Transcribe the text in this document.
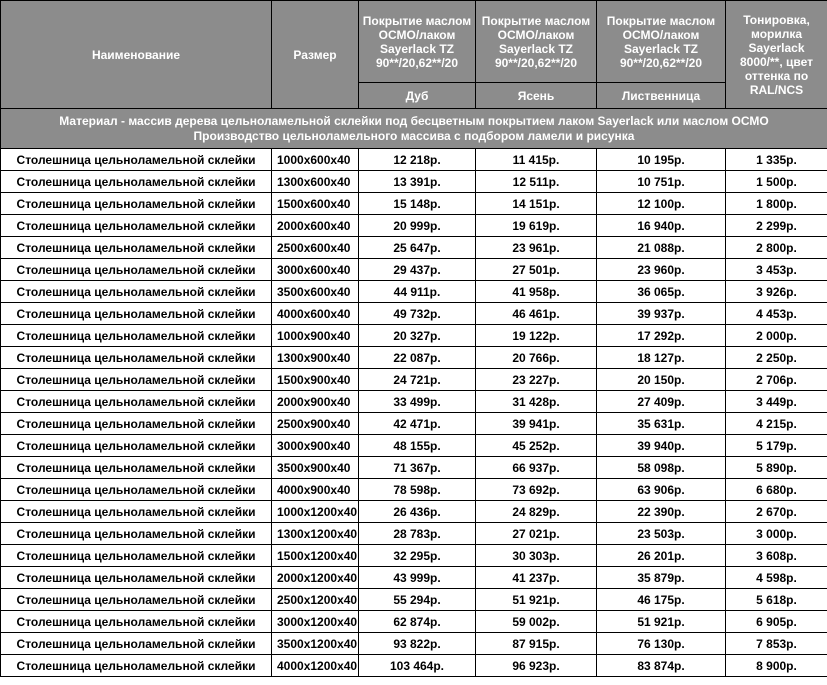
Наименование	Размер	Покрытие маслом ОСМО/лаком Sayerlack TZ 90**/20,62**/20	Покрытие маслом ОСМО/лаком Sayerlack TZ 90**/20,62**/20	Покрытие маслом ОСМО/лаком Sayerlack TZ 90**/20,62**/20	Тонировка, морилка Sayerlack 8000/**, цвет оттенка по RAL/NCS
		Дуб	Ясень	Лиственница	

Материал - массив дерева цельноламельной склейки под бесцветным покрытием лаком Sayerlack или маслом ОСМО
Производство цельноламельного массива с подбором ламели и рисунка					

Столешница цельноламельной склейки	1000х600х40	12 218р.	11 415р.	10 195р.	1 335р.
Столешница цельноламельной склейки	1300х600х40	13 391р.	12 511р.	10 751р.	1 500р.
Столешница цельноламельной склейки	1500х600х40	15 148р.	14 151р.	12 100р.	1 800р.
Столешница цельноламельной склейки	2000х600х40	20 999р.	19 619р.	16 940р.	2 299р.
Столешница цельноламельной склейки	2500х600х40	25 647р.	23 961р.	21 088р.	2 800р.
Столешница цельноламельной склейки	3000х600х40	29 437р.	27 501р.	23 960р.	3 453р.
Столешница цельноламельной склейки	3500х600х40	44 911р.	41 958р.	36 065р.	3 926р.
Столешница цельноламельной склейки	4000х600х40	49 732р.	46 461р.	39 937р.	4 453р.
Столешница цельноламельной склейки	1000х900х40	20 327р.	19 122р.	17 292р.	2 000р.
Столешница цельноламельной склейки	1300х900х40	22 087р.	20 766р.	18 127р.	2 250р.
Столешница цельноламельной склейки	1500х900х40	24 721р.	23 227р.	20 150р.	2 706р.
Столешница цельноламельной склейки	2000х900х40	33 499р.	31 428р.	27 409р.	3 449р.
Столешница цельноламельной склейки	2500х900х40	42 471р.	39 941р.	35 631р.	4 215р.
Столешница цельноламельной склейки	3000х900х40	48 155р.	45 252р.	39 940р.	5 179р.
Столешница цельноламельной склейки	3500х900х40	71 367р.	66 937р.	58 098р.	5 890р.
Столешница цельноламельной склейки	4000х900х40	78 598р.	73 692р.	63 906р.	6 680р.
Столешница цельноламельной склейки	1000х1200х40	26 436р.	24 829р.	22 390р.	2 670р.
Столешница цельноламельной склейки	1300х1200х40	28 783р.	27 021р.	23 503р.	3 000р.
Столешница цельноламельной склейки	1500х1200х40	32 295р.	30 303р.	26 201р.	3 608р.
Столешница цельноламельной склейки	2000х1200х40	43 999р.	41 237р.	35 879р.	4 598р.
Столешница цельноламельной склейки	2500х1200х40	55 294р.	51 921р.	46 175р.	5 618р.
Столешница цельноламельной склейки	3000х1200х40	62 874р.	59 002р.	51 921р.	6 905р.
Столешница цельноламельной склейки	3500х1200х40	93 822р.	87 915р.	76 130р.	7 853р.
Столешница цельноламельной склейки	4000х1200х40	103 464р.	96 923р.	83 874р.	8 900р.
